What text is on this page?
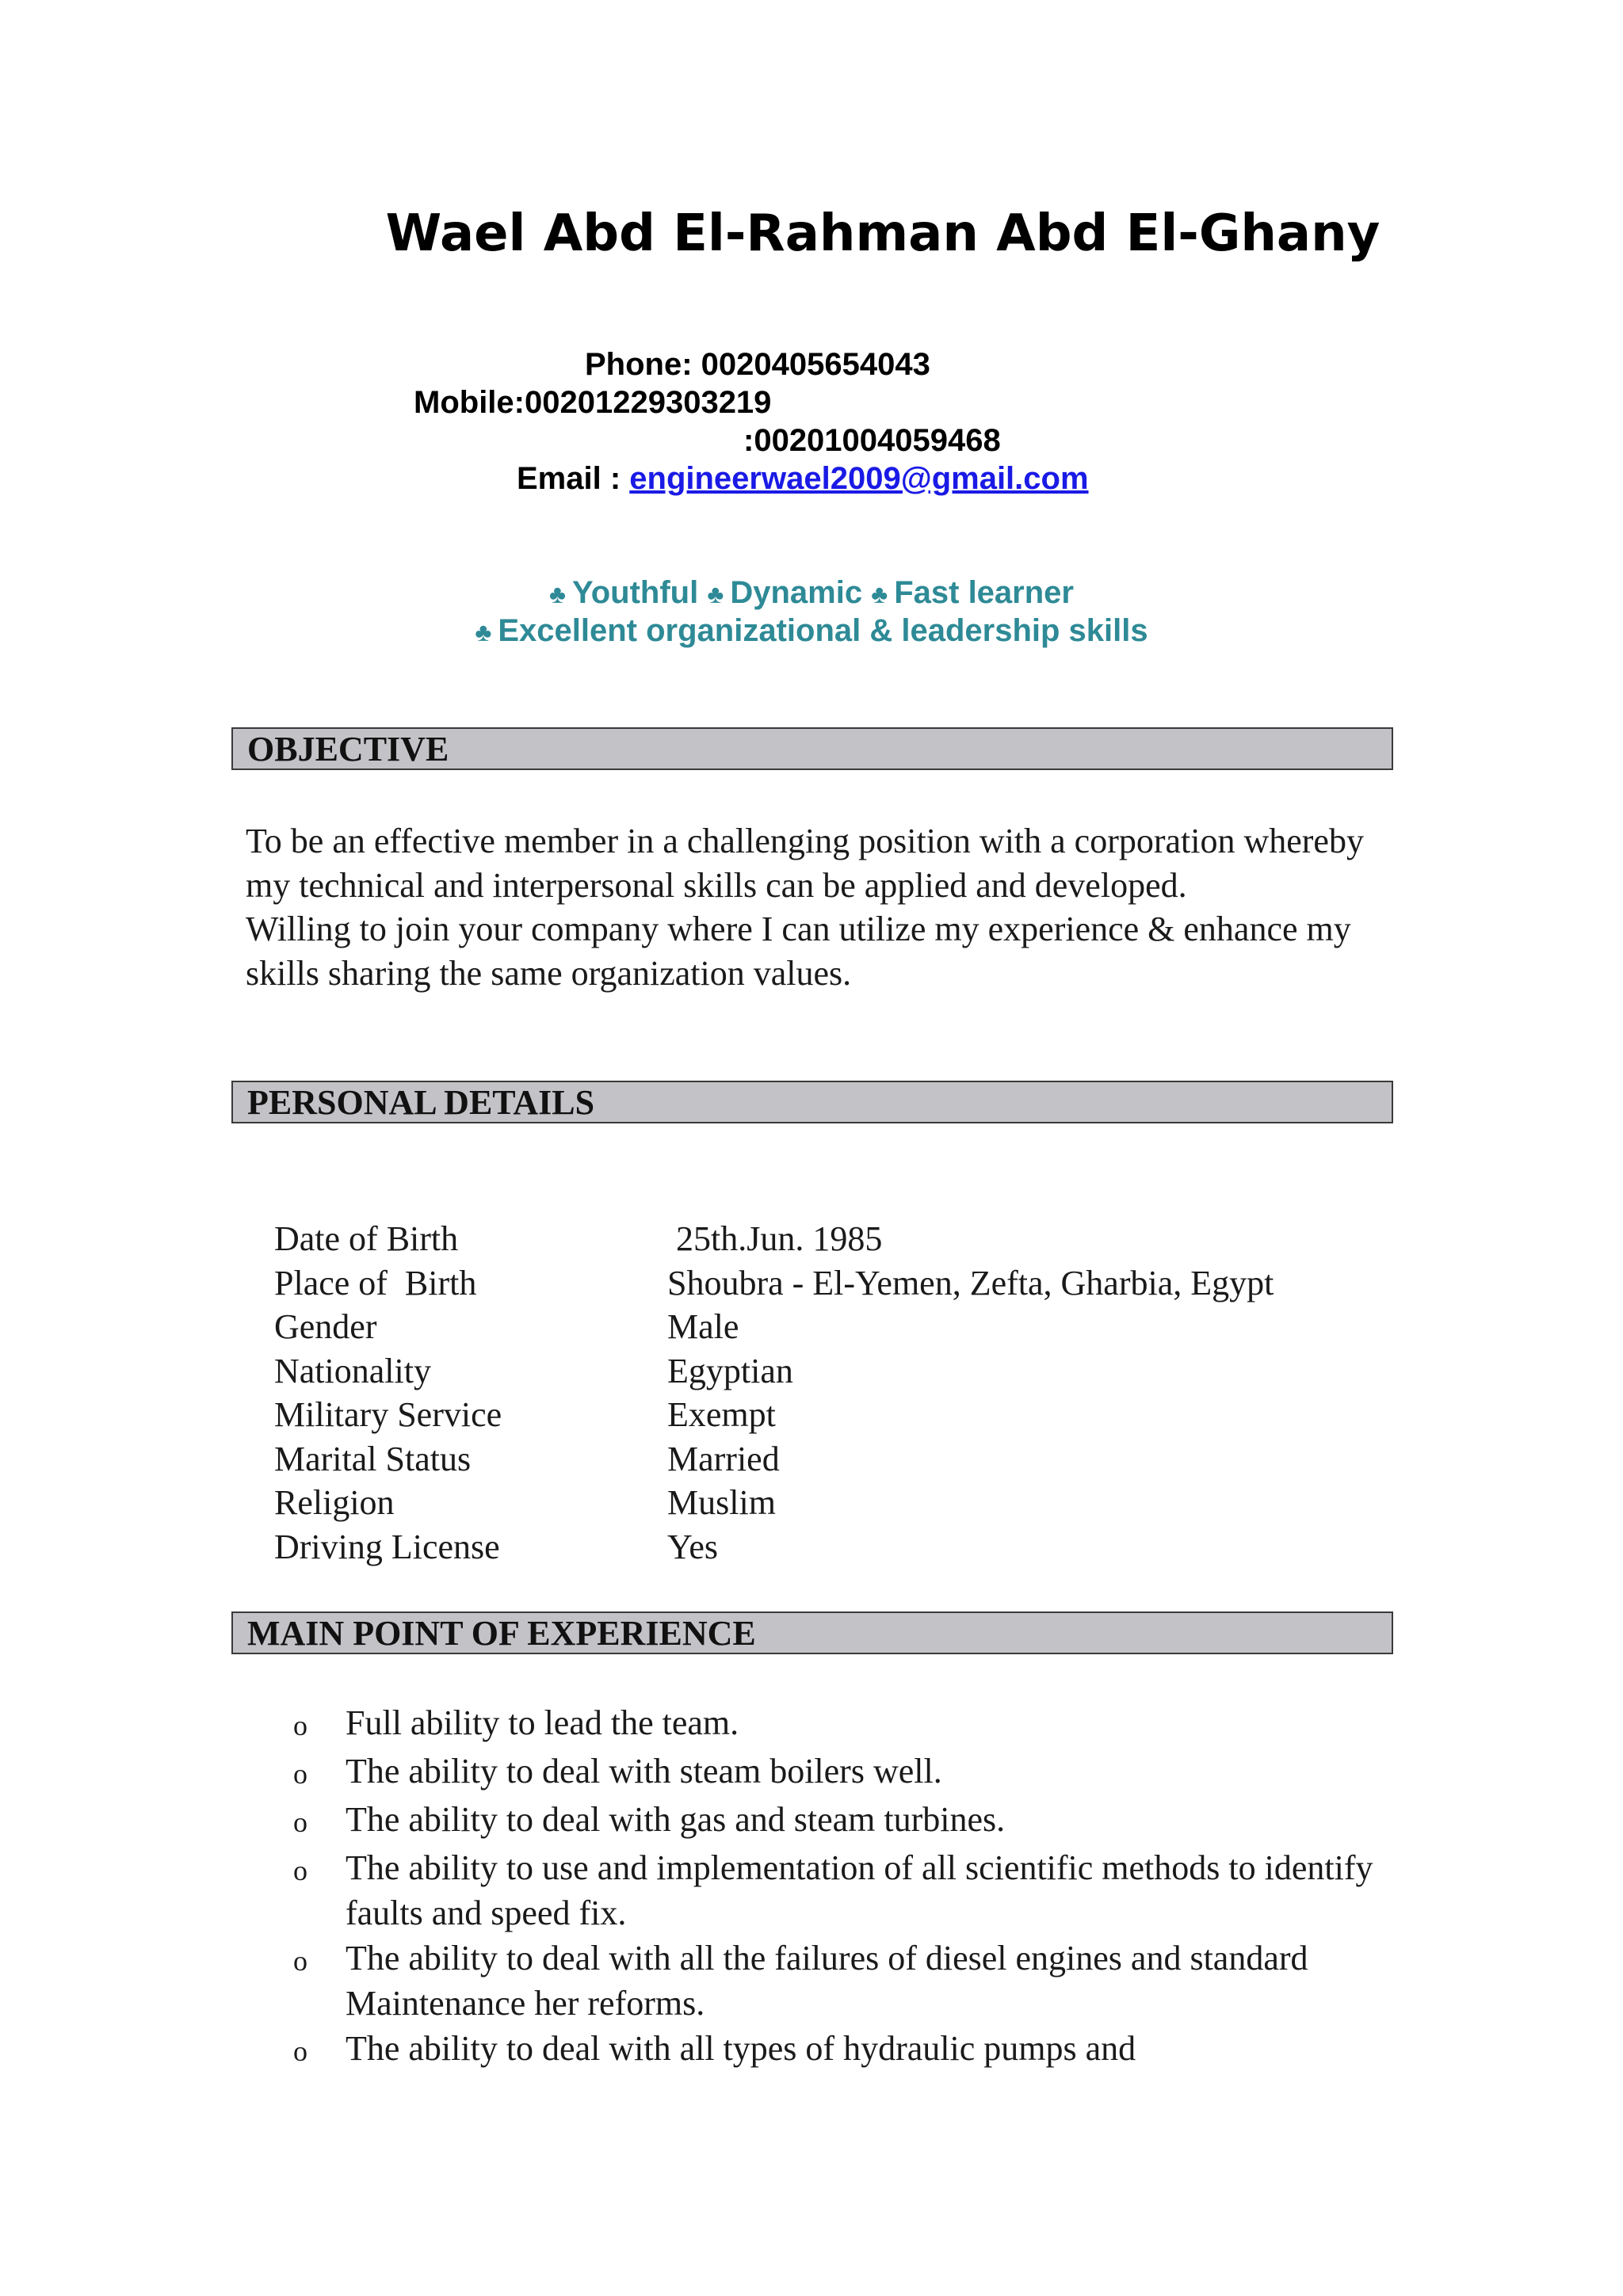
Wael Abd El-Rahman Abd El-Ghany
Phone: 0020405654043
Mobile:00201229303219
:00201004059468
Email : engineerwael2009@gmail.com
♣ Youthful ♣ Dynamic ♣ Fast learner
♣ Excellent organizational & leadership skills
OBJECTIVE

To be an effective member in a challenging position with a corporation whereby my technical and interpersonal skills can be applied and developed.

Willing to join your company where I can utilize my experience & enhance my skills sharing the same organization values.

PERSONAL DETAILS
Date of Birth	25th.Jun. 1985
Place of  Birth	Shoubra - El-Yemen, Zefta, Gharbia, Egypt
Gender	Male
Nationality	Egyptian
Military Service	Exempt
Marital Status	Married
Religion	Muslim
Driving License	Yes
MAIN POINT OF EXPERIENCE
o	Full ability to lead the team.
o	The ability to deal with steam boilers well.
o	The ability to deal with gas and steam turbines.
o	The ability to use and implementation of all scientific methods to identify faults and speed fix.
o	The ability to deal with all the failures of diesel engines and standard Maintenance her reforms.
o	The ability to deal with all types of hydraulic pumps and
